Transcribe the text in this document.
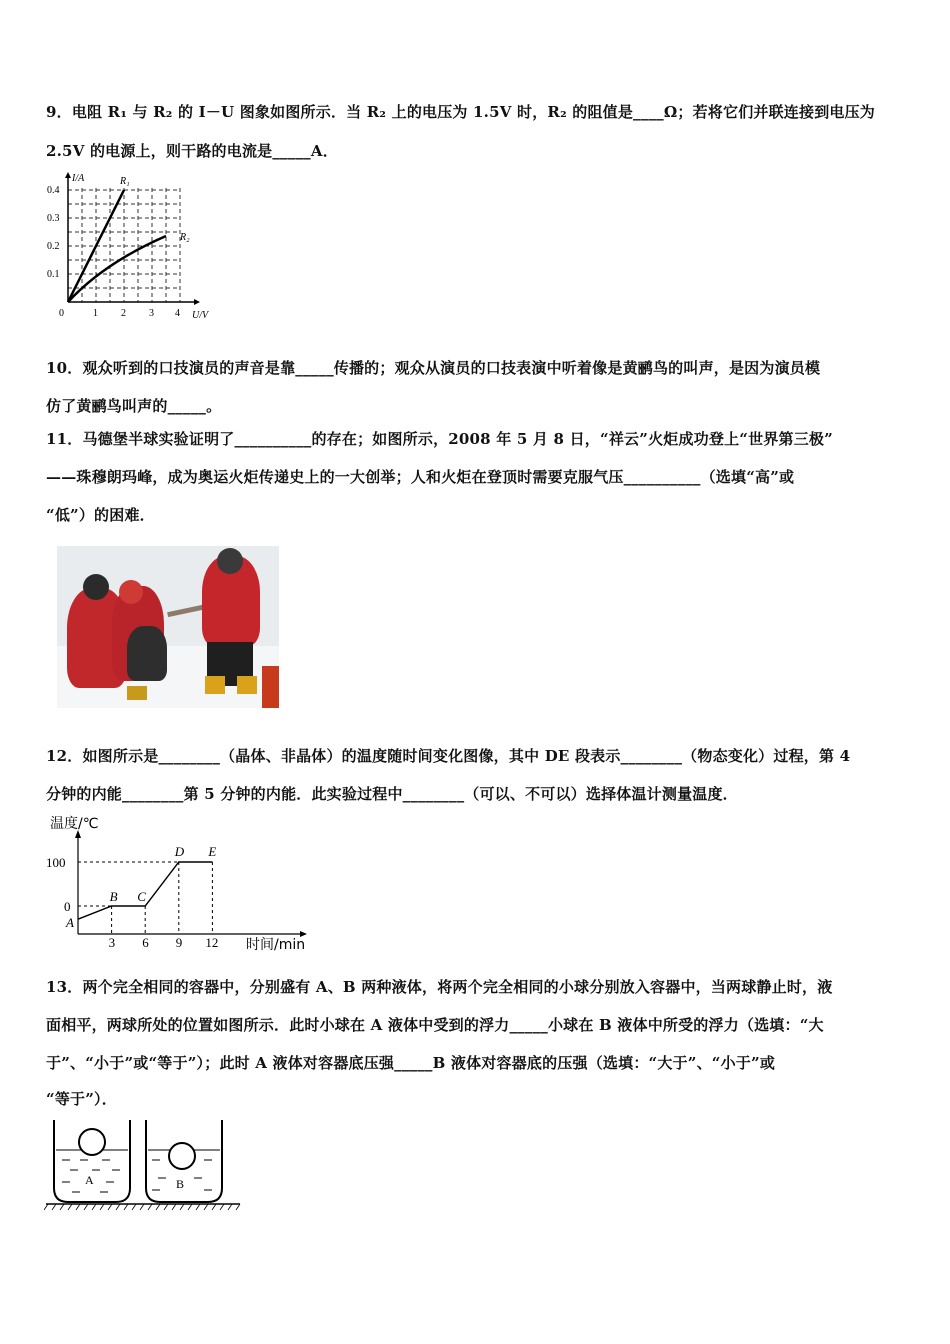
9．电阻 R₁ 与 R₂ 的 I－U 图象如图所示．当 R₂ 上的电压为 1.5V 时，R₂ 的阻值是____Ω；若将它们并联连接到电压为
2.5V 的电源上，则干路的电流是_____A．
I/A
U/V
0.4
0.3
0.2
0.1
0	1 2 3 4
R₁
R₂
10．观众听到的口技演员的声音是靠_____传播的；观众从演员的口技表演中听着像是黄鹂鸟的叫声，是因为演员模
仿了黄鹂鸟叫声的_____。
11．马德堡半球实验证明了__________的存在；如图所示，2008 年 5 月 8 日，“祥云”火炬成功登上“世界第三极”
——珠穆朗玛峰，成为奥运火炬传递史上的一大创举；人和火炬在登顶时需要克服气压__________（选填“高”或
“低”）的困难．
12．如图所示是________（晶体、非晶体）的温度随时间变化图像，其中 DE 段表示________（物态变化）过程，第 4
分钟的内能________第 5 分钟的内能．此实验过程中________（可以、不可以）选择体温计测量温度．
A
B C
D E
100
0
3 6 9 12
温度/℃
时间/min
13．两个完全相同的容器中，分别盛有 A、B 两种液体，将两个完全相同的小球分别放入容器中，当两球静止时，液
面相平，两球所处的位置如图所示．此时小球在 A 液体中受到的浮力_____小球在 B 液体中所受的浮力（选填：“大
于”、“小于”或“等于”）；此时 A 液体对容器底压强_____B 液体对容器底的压强（选填：“大于”、“小于”或
“等于”）．
A	B
